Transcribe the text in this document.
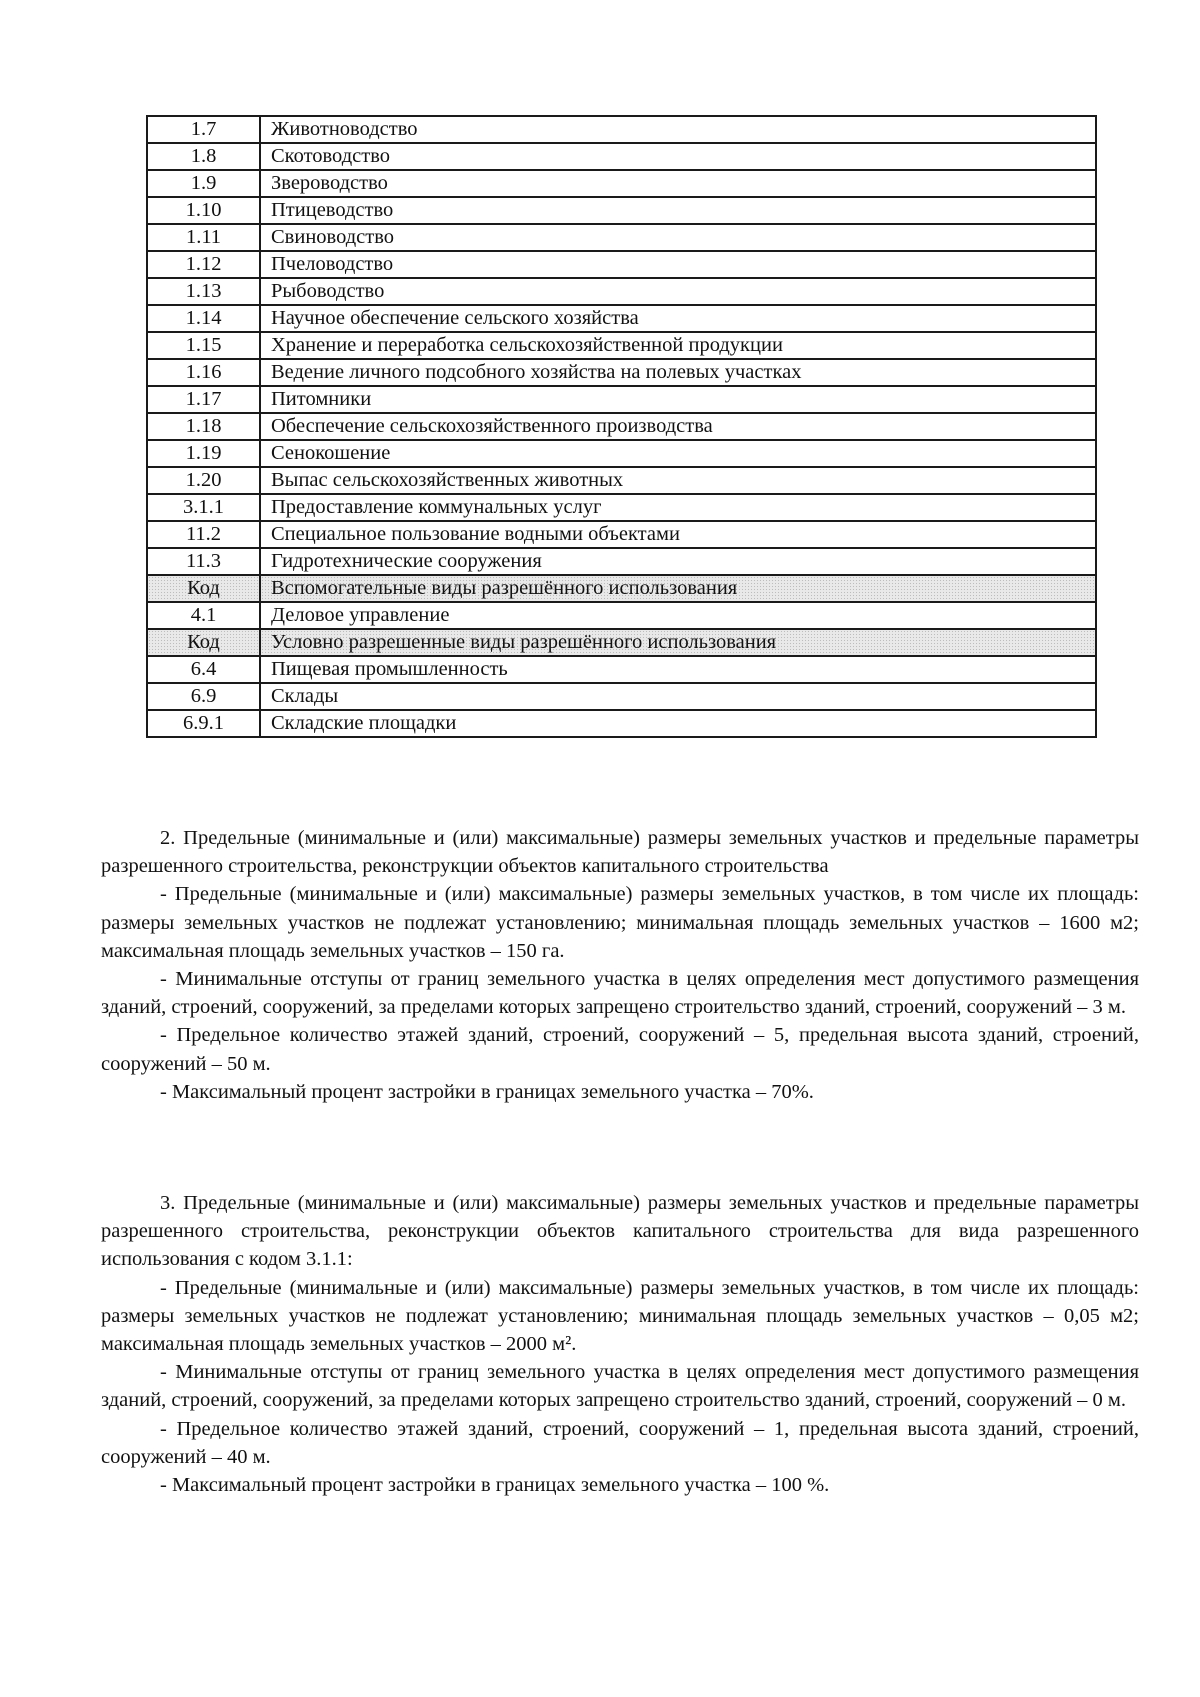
1.7	Животноводство
1.8	Скотоводство
1.9	Звероводство
1.10	Птицеводство
1.11	Свиноводство
1.12	Пчеловодство
1.13	Рыбоводство
1.14	Научное обеспечение сельского хозяйства
1.15	Хранение и переработка сельскохозяйственной продукции
1.16	Ведение личного подсобного хозяйства на полевых участках
1.17	Питомники
1.18	Обеспечение сельскохозяйственного производства
1.19	Сенокошение
1.20	Выпас сельскохозяйственных животных
3.1.1	Предоставление коммунальных услуг
11.2	Специальное пользование водными объектами
11.3	Гидротехнические сооружения
Код	Вспомогательные виды разрешённого использования
4.1	Деловое управление
Код	Условно разрешенные виды разрешённого использования
6.4	Пищевая промышленность
6.9	Склады
6.9.1	Складские площадки

2. Предельные (минимальные и (или) максимальные) размеры земельных участков и предельные параметры разрешенного строительства, реконструкции объектов капитального строительства

- Предельные (минимальные и (или) максимальные) размеры земельных участков, в том числе их площадь: размеры земельных участков не подлежат установлению; минимальная площадь земельных участков – 1600 м2; максимальная площадь земельных участков – 150 га.

- Минимальные отступы от границ земельного участка в целях определения мест допустимого размещения зданий, строений, сооружений, за пределами которых запрещено строительство зданий, строений, сооружений – 3 м.

- Предельное количество этажей зданий, строений, сооружений – 5, предельная высота зданий, строений, сооружений – 50 м.

- Максимальный процент застройки в границах земельного участка – 70%.

3. Предельные (минимальные и (или) максимальные) размеры земельных участков и предельные параметры разрешенного строительства, реконструкции объектов капитального строительства для вида разрешенного использования с кодом 3.1.1:

- Предельные (минимальные и (или) максимальные) размеры земельных участков, в том числе их площадь: размеры земельных участков не подлежат установлению; минимальная площадь земельных участков – 0,05 м2; максимальная площадь земельных участков – 2000 м².

- Минимальные отступы от границ земельного участка в целях определения мест допустимого размещения зданий, строений, сооружений, за пределами которых запрещено строительство зданий, строений, сооружений – 0 м.

- Предельное количество этажей зданий, строений, сооружений – 1, предельная высота зданий, строений, сооружений – 40 м.

- Максимальный процент застройки в границах земельного участка – 100 %.
